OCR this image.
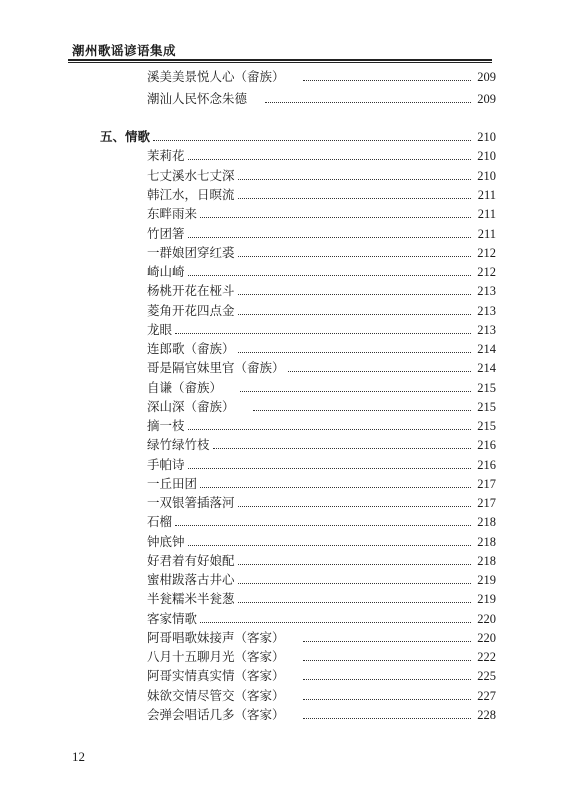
潮州歌谣谚语集成
溪美美景悦人心（畲族）	209
潮汕人民怀念朱德	209
五、情歌	210
茉莉花	210
七丈溪水七丈深	210
韩江水，日暝流	211
东畔雨来	211
竹团箸	211
一群娘团穿红裘	212
崎山崎	212
杨桃开花在桠斗	213
菱角开花四点金	213
龙眼	213
连郎歌（畲族）	214
哥是隔官妹里官（畲族）	214
自谦（畲族）	215
深山深（畲族）	215
摘一枝	215
绿竹绿竹枝	216
手帕诗	216
一丘田团	217
一双银箸插落河	217
石榴	218
钟底钟	218
好君着有好娘配	218
蜜柑跋落古井心	219
半瓮糯米半瓮葱	219
客家情歌	220
阿哥唱歌妹接声（客家）	220
八月十五聊月光（客家）	222
阿哥实情真实情（客家）	225
妹欲交情尽管交（客家）	227
会弹会唱话几多（客家）	228
12
